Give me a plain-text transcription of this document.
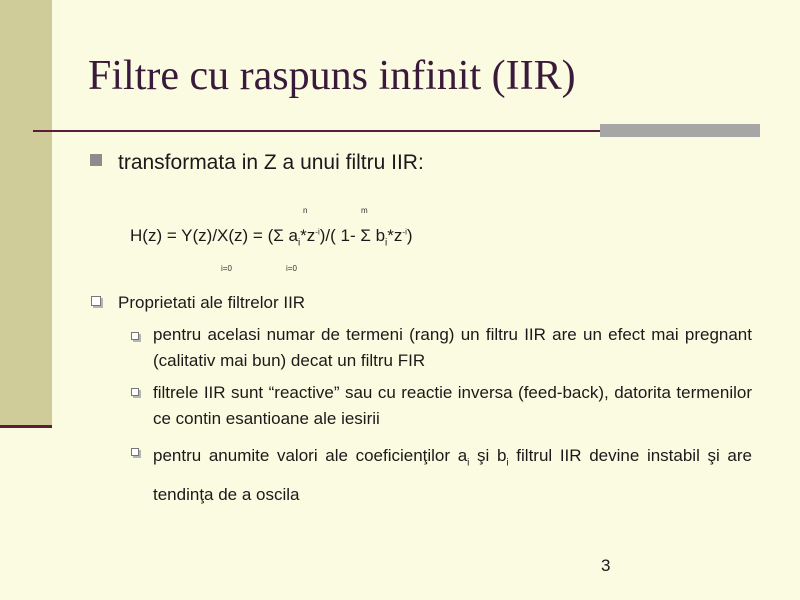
Filtre cu raspuns infinit (IIR)
transformata in Z a unui filtru IIR:
n	m
H(z) = Y(z)/X(z) = (Σ $a_i*z^{-i})/$( 1- Σ $b_i*z^{-i}$)
i=0	i=0
Proprietati ale filtrelor IIR
pentru acelasi numar de termeni (rang) un filtru IIR are un efect mai pregnant (calitativ mai bun) decat un filtru FIR
filtrele IIR sunt “reactive” sau cu reactie inversa (feed-back), datorita termenilor ce contin esantioane ale iesirii
pentru anumite valori ale coeficienţilor $a_i$ şi $b_i$ filtrul IIR devine instabil şi are tendinţa de a oscila
3
